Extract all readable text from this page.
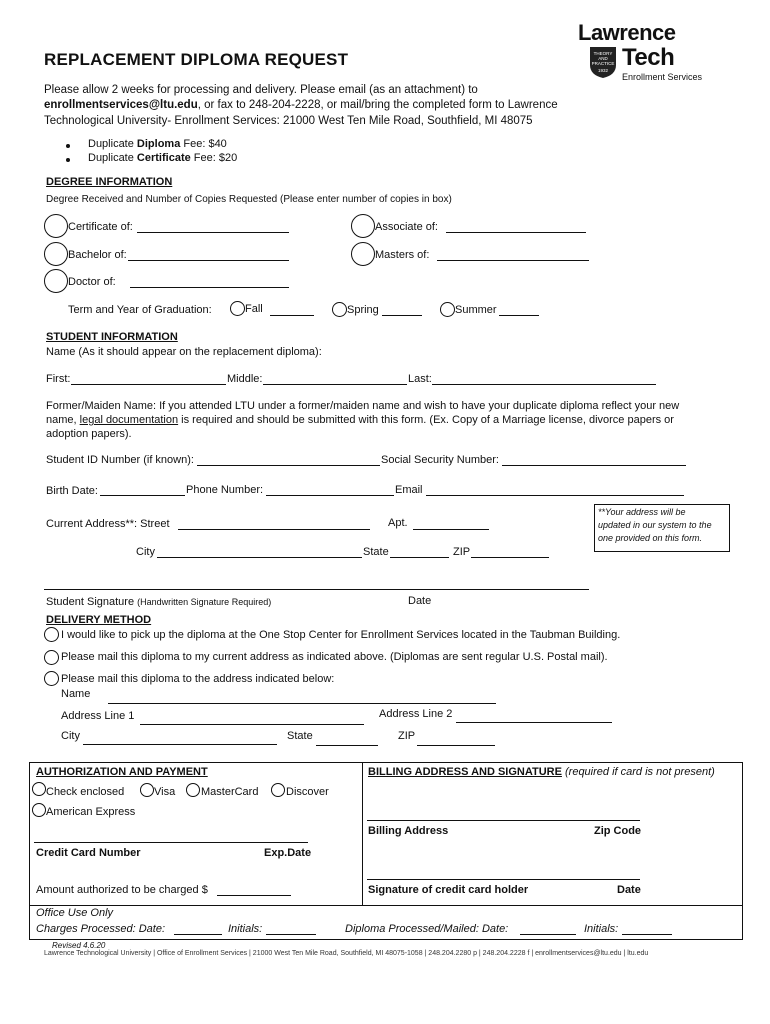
Lawrence
THEORY
AND
PRACTICE
1932 Tech
Enrollment Services
REPLACEMENT DIPLOMA REQUEST
Please allow 2 weeks for processing and delivery. Please email (as an attachment) to
enrollmentservices@ltu.edu, or fax to 248-204-2228, or mail/bring the completed form to Lawrence
Technological University- Enrollment Services: 21000 West Ten Mile Road, Southfield, MI 48075
Duplicate Diploma Fee: $40
Duplicate Certificate Fee: $20
DEGREE INFORMATION
Degree Received and Number of Copies Requested (Please enter number of copies in box)
Certificate of:	Associate of:
Bachelor of:	Masters of:
Doctor of:
Term and Year of Graduation:	Fall	Spring	Summer
STUDENT INFORMATION
Name (As it should appear on the replacement diploma):
First:	Middle:	Last:
Former/Maiden Name: If you attended LTU under a former/maiden name and wish to have your duplicate diploma reflect your new
name, legal documentation is required and should be submitted with this form. (Ex. Copy of a Marriage license, divorce papers or
adoption papers).
Student ID Number (if known):	Social Security Number:
Birth Date:	Phone Number:	Email
Current Address**: Street	Apt.
**Your address will be
updated in our system to the
one provided on this form.
City	State	ZIP
Student Signature (Handwritten Signature Required)	Date
DELIVERY METHOD
I would like to pick up the diploma at the One Stop Center for Enrollment Services located in the Taubman Building.
Please mail this diploma to my current address as indicated above. (Diplomas are sent regular U.S. Postal mail).
Please mail this diploma to the address indicated below:
Name
Address Line 1	Address Line 2
City	State	ZIP
AUTHORIZATION AND PAYMENT
Check enclosed	Visa MasterCard	Discover
American Express
Credit Card Number	Exp.Date
Amount authorized to be charged $
BILLING ADDRESS AND SIGNATURE (required if card is not present)
Billing Address	Zip Code
Signature of credit card holder	Date
Office Use Only
Charges Processed: Date:	Initials:	Diploma Processed/Mailed: Date:	Initials:
Revised 4.6.20
Lawrence Technological University | Office of Enrollment Services | 21000 West Ten Mile Road, Southfield, MI 48075-1058 | 248.204.2280 p | 248.204.2228 f | enrollmentservices@ltu.edu | ltu.edu
